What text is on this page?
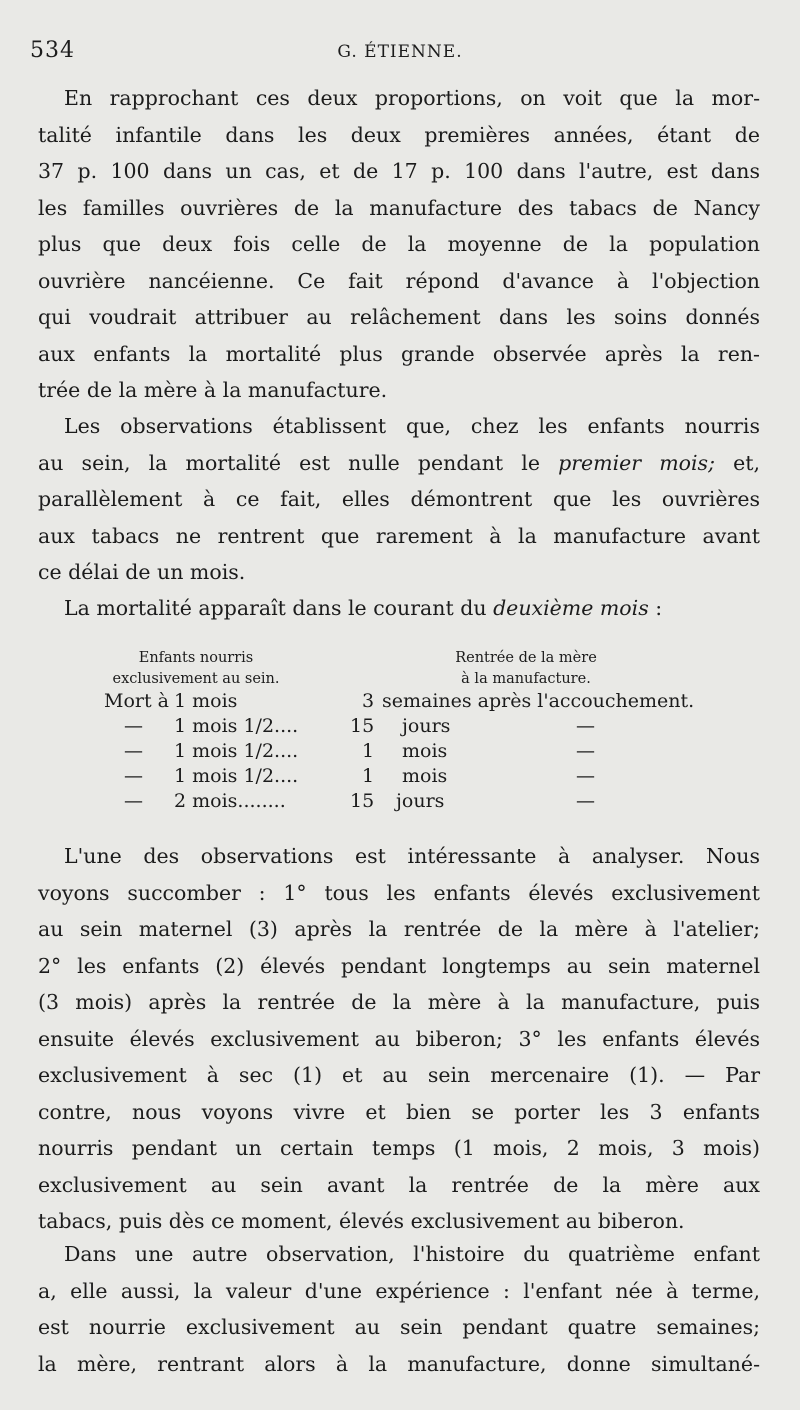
534	G. ÉTIENNE.
En rapprochant ces deux proportions, on voit que la mor-
talité infantile dans les deux premières années, étant de
37 p. 100 dans un cas, et de 17 p. 100 dans l'autre, est dans
les familles ouvrières de la manufacture des tabacs de Nancy
plus que deux fois celle de la moyenne de la population
ouvrière nancéienne. Ce fait répond d'avance à l'objection
qui voudrait attribuer au relâchement dans les soins donnés
aux enfants la mortalité plus grande observée après la ren-
trée de la mère à la manufacture.
Les observations établissent que, chez les enfants nourris
au sein, la mortalité est nulle pendant le premier mois; et,
parallèlement à ce fait, elles démontrent que les ouvrières
aux tabacs ne rentrent que rarement à la manufacture avant
ce délai de un mois.
La mortalité apparaît dans le courant du deuxième mois :
Enfants nourris
exclusivement au sein.
Rentrée de la mère
à la manufacture.
Mort à 1 mois	3 semaines après l'accouchement.
— 1 mois 1/2....	15 jours	—
— 1 mois 1/2....	1 mois	—
— 1 mois 1/2....	1 mois	—
— 2 mois........	15 jours	—
L'une des observations est intéressante à analyser. Nous
voyons succomber : 1° tous les enfants élevés exclusivement
au sein maternel (3) après la rentrée de la mère à l'atelier;
2° les enfants (2) élevés pendant longtemps au sein maternel
(3 mois) après la rentrée de la mère à la manufacture, puis
ensuite élevés exclusivement au biberon; 3° les enfants élevés
exclusivement à sec (1) et au sein mercenaire (1). — Par
contre, nous voyons vivre et bien se porter les 3 enfants
nourris pendant un certain temps (1 mois, 2 mois, 3 mois)
exclusivement au sein avant la rentrée de la mère aux
tabacs, puis dès ce moment, élevés exclusivement au biberon.
Dans une autre observation, l'histoire du quatrième enfant
a, elle aussi, la valeur d'une expérience : l'enfant née à terme,
est nourrie exclusivement au sein pendant quatre semaines;
la mère, rentrant alors à la manufacture, donne simultané-
